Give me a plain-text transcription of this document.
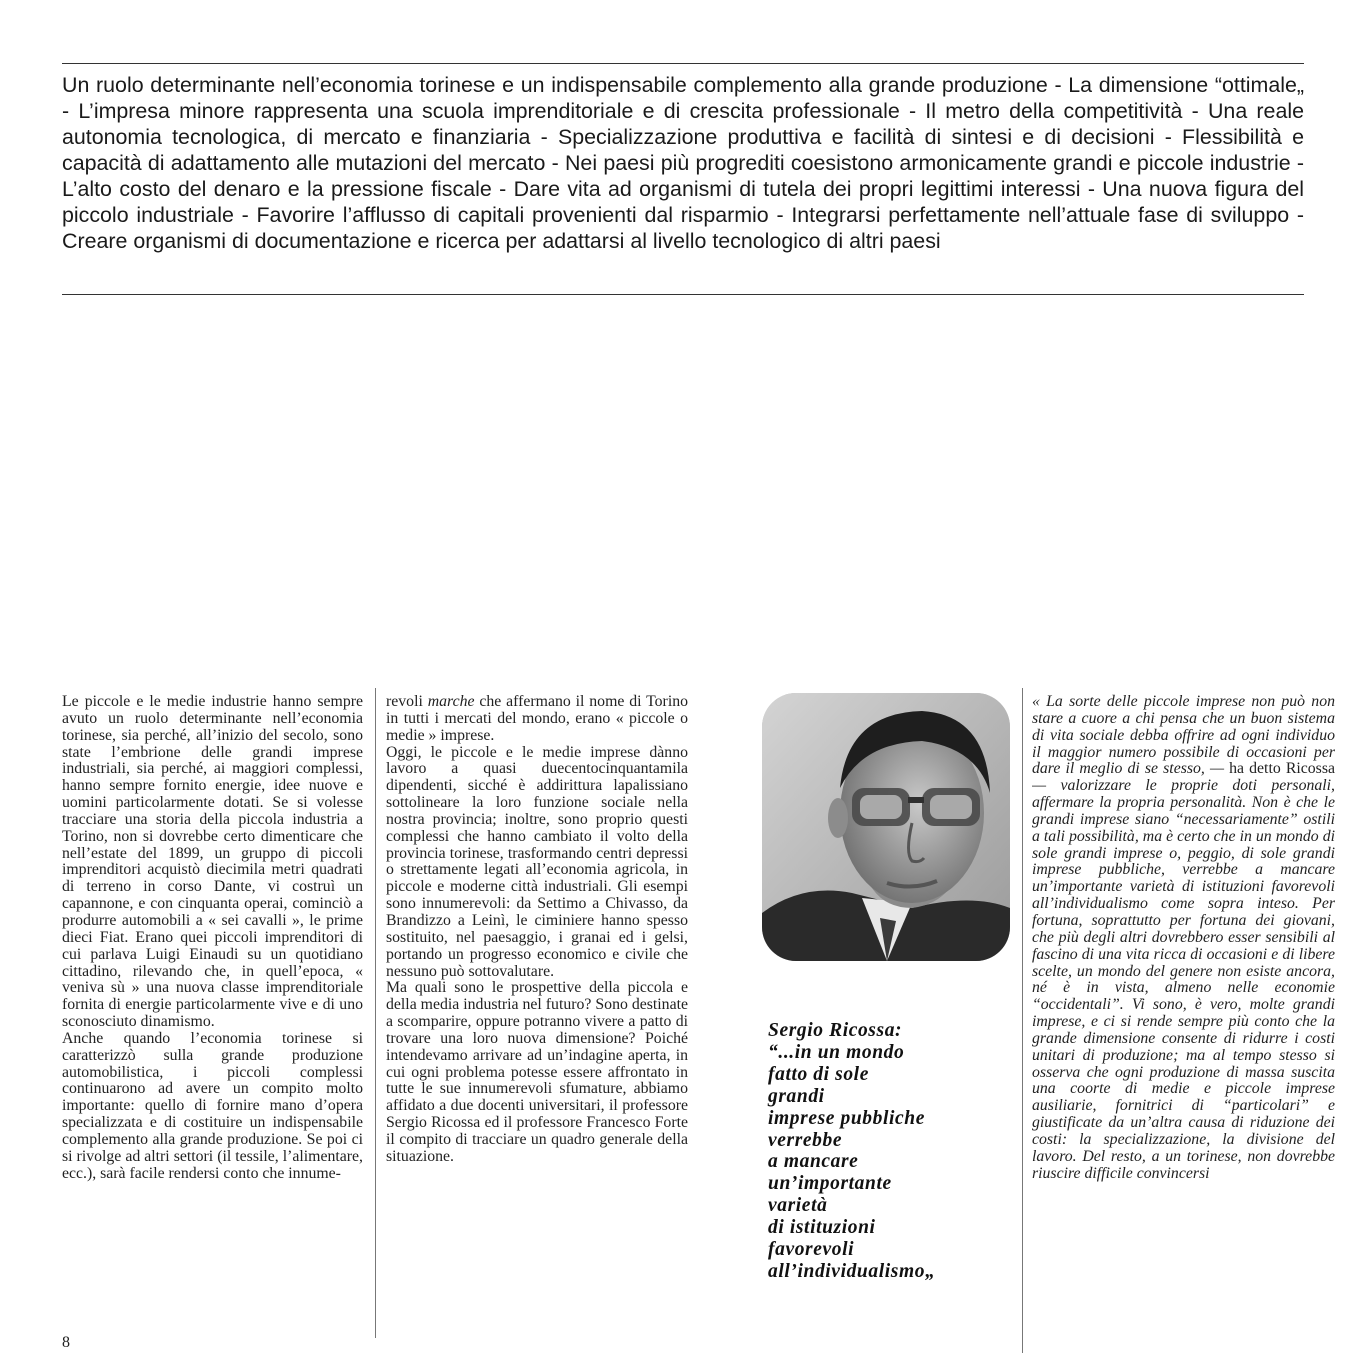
Un ruolo determinante nell’economia torinese e un indispensabile complemento alla grande produzione - La dimensione “ottimale„ - L’impresa minore rappresenta una scuola imprenditoriale e di crescita professionale - Il metro della competitività - Una reale autonomia tecnologica, di mercato e finanziaria - Specializzazione produttiva e facilità di sintesi e di decisioni - Flessibilità e capacità di adattamento alle mutazioni del mercato - Nei paesi più progrediti coesistono armonicamente grandi e piccole industrie - L’alto costo del denaro e la pressione fiscale - Dare vita ad organismi di tutela dei propri legittimi interessi - Una nuova figura del piccolo industriale - Favorire l’afflusso di capitali provenienti dal risparmio - Integrarsi perfettamente nell’attuale fase di sviluppo - Creare organismi di documentazione e ricerca per adattarsi al livello tecnologico di altri paesi

Le piccole e le medie industrie hanno sempre avuto un ruolo determinante nell’economia torinese, sia perché, all’inizio del secolo, sono state l’embrione delle grandi imprese industriali, sia perché, ai maggiori complessi, hanno sempre fornito energie, idee nuove e uomini particolarmente dotati. Se si volesse tracciare una storia della piccola industria a Torino, non si dovrebbe certo dimenticare che nell’estate del 1899, un gruppo di piccoli imprenditori acquistò diecimila metri quadrati di terreno in corso Dante, vi costruì un capannone, e con cinquanta operai, cominciò a produrre automobili a « sei cavalli », le prime dieci Fiat. Erano quei piccoli imprenditori di cui parlava Luigi Einaudi su un quotidiano cittadino, rilevando che, in quell’epoca, « veniva sù » una nuova classe imprenditoriale fornita di energie particolarmente vive e di uno sconosciuto dinamismo.

Anche quando l’economia torinese si caratterizzò sulla grande produzione automobilistica, i piccoli complessi continuarono ad avere un compito molto importante: quello di fornire mano d’opera specializzata e di costituire un indispensabile complemento alla grande produzione. Se poi ci si rivolge ad altri settori (il tessile, l’alimentare, ecc.), sarà facile rendersi conto che innume-

revoli marche che affermano il nome di Torino in tutti i mercati del mondo, erano « piccole o medie » imprese.

Oggi, le piccole e le medie imprese dànno lavoro a quasi duecentocinquantamila dipendenti, sicché è addirittura lapalissiano sottolineare la loro funzione sociale nella nostra provincia; inoltre, sono proprio questi complessi che hanno cambiato il volto della provincia torinese, trasformando centri depressi o strettamente legati all’economia agricola, in piccole e moderne città industriali. Gli esempi sono innumerevoli: da Settimo a Chivasso, da Brandizzo a Leinì, le ciminiere hanno spesso sostituito, nel paesaggio, i granai ed i gelsi, portando un progresso economico e civile che nessuno può sottovalutare.

Ma quali sono le prospettive della piccola e della media industria nel futuro? Sono destinate a scomparire, oppure potranno vivere a patto di trovare una loro nuova dimensione? Poiché intendevamo arrivare ad un’indagine aperta, in cui ogni problema potesse essere affrontato in tutte le sue innumerevoli sfumature, abbiamo affidato a due docenti universitari, il professore Sergio Ricossa ed il professore Francesco Forte il compito di tracciare un quadro generale della situazione.

Sergio Ricossa:
“...in un mondo
fatto di sole
grandi
imprese pubbliche
verrebbe
a mancare
un’importante
varietà
di istituzioni
favorevoli
all’individualismo„

« La sorte delle piccole imprese non può non stare a cuore a chi pensa che un buon sistema di vita sociale debba offrire ad ogni individuo il maggior numero possibile di occasioni per dare il meglio di se stesso, — ha detto Ricossa — valorizzare le proprie doti personali, affermare la propria personalità. Non è che le grandi imprese siano “necessariamente” ostili a tali possibilità, ma è certo che in un mondo di sole grandi imprese o, peggio, di sole grandi imprese pubbliche, verrebbe a mancare un’importante varietà di istituzioni favorevoli all’individualismo come sopra inteso. Per fortuna, soprattutto per fortuna dei giovani, che più degli altri dovrebbero esser sensibili al fascino di una vita ricca di occasioni e di libere scelte, un mondo del genere non esiste ancora, né è in vista, almeno nelle economie “occidentali”. Vi sono, è vero, molte grandi imprese, e ci si rende sempre più conto che la grande dimensione consente di ridurre i costi unitari di produzione; ma al tempo stesso si osserva che ogni produzione di massa suscita una coorte di medie e piccole imprese ausiliarie, fornitrici di “particolari” e giustificate da un’altra causa di riduzione dei costi: la specializzazione, la divisione del lavoro. Del resto, a un torinese, non dovrebbe riuscire difficile convincersi

8
